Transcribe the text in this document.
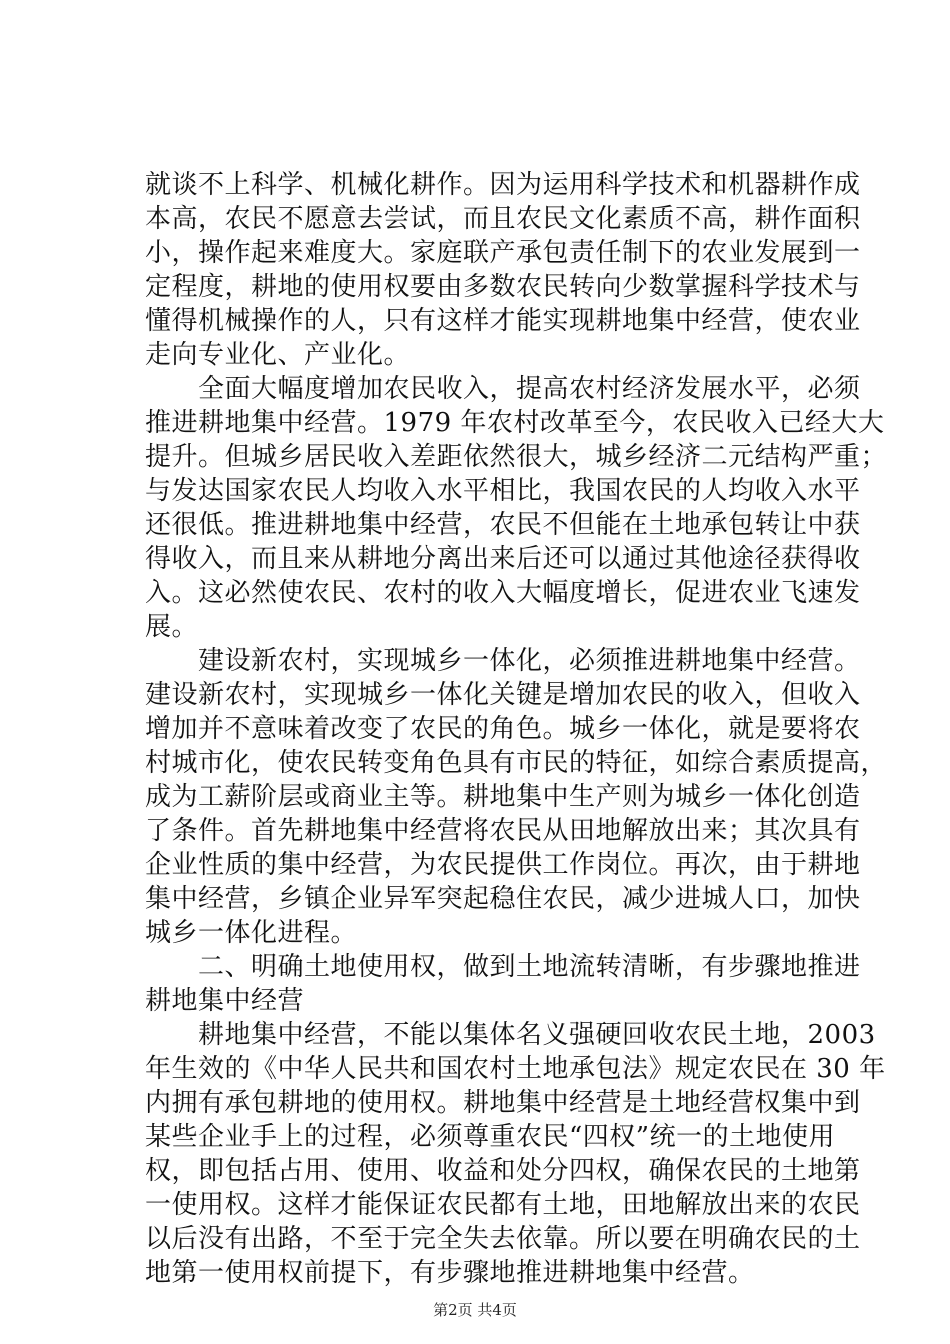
就谈不上科学、机械化耕作。因为运用科学技术和机器耕作成
本高，农民不愿意去尝试，而且农民文化素质不高，耕作面积
小，操作起来难度大。家庭联产承包责任制下的农业发展到一
定程度，耕地的使用权要由多数农民转向少数掌握科学技术与
懂得机械操作的人，只有这样才能实现耕地集中经营，使农业
走向专业化、产业化。
　　全面大幅度增加农民收入，提高农村经济发展水平，必须
推进耕地集中经营。1979 年农村改革至今，农民收入已经大大
提升。但城乡居民收入差距依然很大，城乡经济二元结构严重；
与发达国家农民人均收入水平相比，我国农民的人均收入水平
还很低。推进耕地集中经营，农民不但能在土地承包转让中获
得收入，而且来从耕地分离出来后还可以通过其他途径获得收
入。这必然使农民、农村的收入大幅度增长，促进农业飞速发
展。
　　建设新农村，实现城乡一体化，必须推进耕地集中经营。
建设新农村，实现城乡一体化关键是增加农民的收入，但收入
增加并不意味着改变了农民的角色。城乡一体化，就是要将农
村城市化，使农民转变角色具有市民的特征，如综合素质提高，
成为工薪阶层或商业主等。耕地集中生产则为城乡一体化创造
了条件。首先耕地集中经营将农民从田地解放出来；其次具有
企业性质的集中经营，为农民提供工作岗位。再次，由于耕地
集中经营，乡镇企业异军突起稳住农民，减少进城人口，加快
城乡一体化进程。
　　二、明确土地使用权，做到土地流转清晰，有步骤地推进
耕地集中经营
　　耕地集中经营，不能以集体名义强硬回收农民土地，2003
年生效的《中华人民共和国农村土地承包法》规定农民在 30 年
内拥有承包耕地的使用权。耕地集中经营是土地经营权集中到
某些企业手上的过程，必须尊重农民“四权”统一的土地使用
权，即包括占用、使用、收益和处分四权，确保农民的土地第
一使用权。这样才能保证农民都有土地，田地解放出来的农民
以后没有出路，不至于完全失去依靠。所以要在明确农民的土
地第一使用权前提下，有步骤地推进耕地集中经营。
第2页 共4页
